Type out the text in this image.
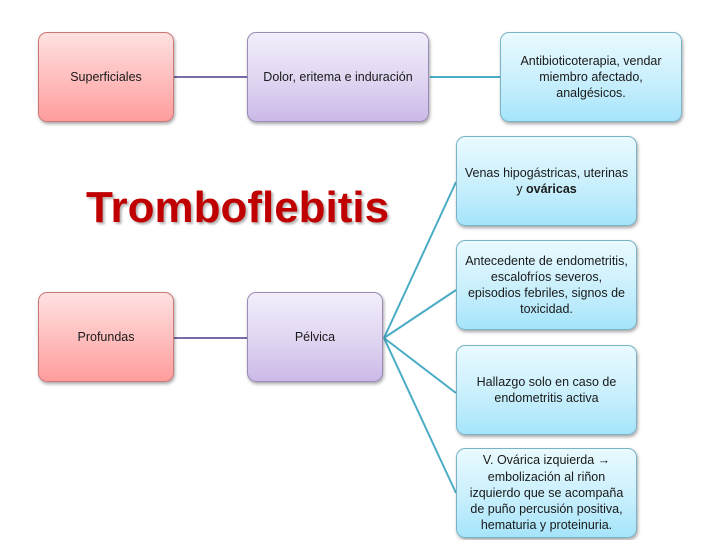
Tromboflebitis
Superficiales	Dolor, eritema e induración
Antibioticoterapia, vendar miembro afectado, analgésicos.
Profundas	Pélvica
Venas hipogástricas, uterinas y ováricas
Antecedente de endometritis, escalofríos severos, episodios febriles, signos de toxicidad.
Hallazgo solo en caso de endometritis activa
V. Ovárica izquierda → embolización al riñon izquierdo que se acompaña de puño percusión positiva, hematuria y proteinuria.
